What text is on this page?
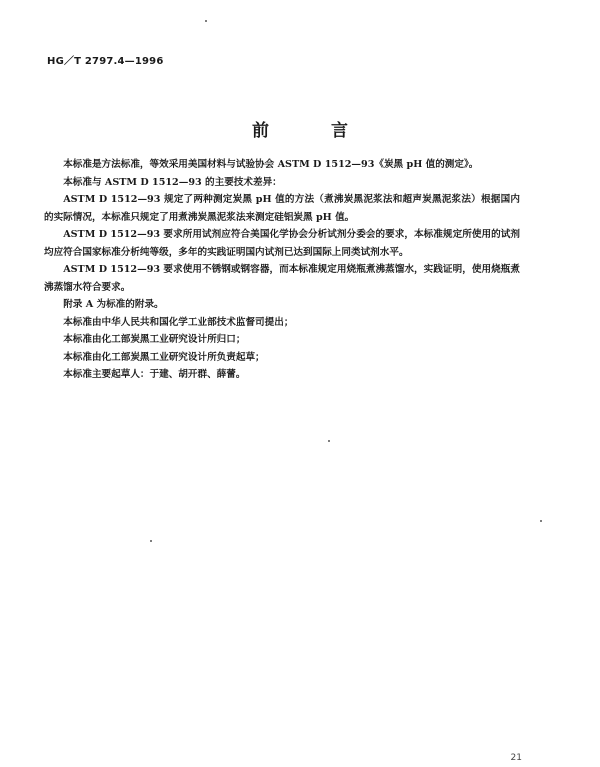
HG／T 2797.4—1996
前 言

本标准是方法标准，等效采用美国材料与试验协会 ASTM D 1512—93《炭黑 pH 值的测定》。

本标准与 ASTM D 1512—93 的主要技术差异：

ASTM D 1512—93 规定了两种测定炭黑 pH 值的方法（煮沸炭黑泥浆法和超声炭黑泥浆法）根据国内的实际情况，本标准只规定了用煮沸炭黑泥浆法来测定硅铝炭黑 pH 值。

ASTM D 1512—93 要求所用试剂应符合美国化学协会分析试剂分委会的要求，本标准规定所使用的试剂均应符合国家标准分析纯等级，多年的实践证明国内试剂已达到国际上同类试剂水平。

ASTM D 1512—93 要求使用不锈钢或钢容器，而本标准规定用烧瓶煮沸蒸馏水，实践证明，使用烧瓶煮沸蒸馏水符合要求。

附录 A 为标准的附录。

本标准由中华人民共和国化学工业部技术监督司提出；

本标准由化工部炭黑工业研究设计所归口；

本标准由化工部炭黑工业研究设计所负责起草；

本标准主要起草人：于建、胡开群、薛蕾。

21
